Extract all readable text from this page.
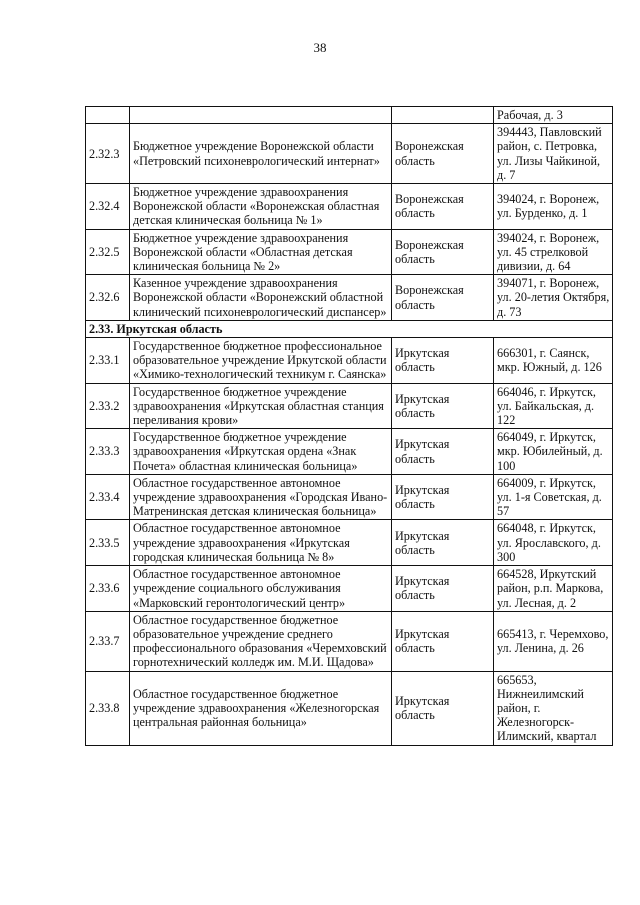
38
			Рабочая, д. 3
2.32.3	Бюджетное учреждение Воронежской области «Петровский психоневрологический интернат»	Воронежская область	394443, Павловский район, с. Петровка, ул. Лизы Чайкиной, д. 7
2.32.4	Бюджетное учреждение здравоохранения Воронежской области «Воронежская областная детская клиническая больница № 1»	Воронежская область	394024, г. Воронеж, ул. Бурденко, д. 1
2.32.5	Бюджетное учреждение здравоохранения Воронежской области «Областная детская клиническая больница № 2»	Воронежская область	394024, г. Воронеж, ул. 45 стрелковой дивизии, д. 64
2.32.6	Казенное учреждение здравоохранения Воронежской области «Воронежский областной клинический психоневрологический диспансер»	Воронежская область	394071, г. Воронеж, ул. 20-летия Октября, д. 73
2.33. Иркутская область			
2.33.1	Государственное бюджетное профессиональное образовательное учреждение Иркутской области «Химико-технологический техникум г. Саянска»	Иркутская область	666301, г. Саянск, мкр. Южный, д. 126
2.33.2	Государственное бюджетное учреждение здравоохранения «Иркутская областная станция переливания крови»	Иркутская область	664046, г. Иркутск, ул. Байкальская, д. 122
2.33.3	Государственное бюджетное учреждение здравоохранения «Иркутская ордена «Знак Почета» областная клиническая больница»	Иркутская область	664049, г. Иркутск, мкр. Юбилейный, д. 100
2.33.4	Областное государственное автономное учреждение здравоохранения «Городская Ивано-Матренинская детская клиническая больница»	Иркутская область	664009, г. Иркутск, ул. 1-я Советская, д. 57
2.33.5	Областное государственное автономное учреждение здравоохранения «Иркутская городская клиническая больница № 8»	Иркутская область	664048, г. Иркутск, ул. Ярославского, д. 300
2.33.6	Областное государственное автономное учреждение социального обслуживания «Марковский геронтологический центр»	Иркутская область	664528, Иркутский район, р.п. Маркова, ул. Лесная, д. 2
2.33.7	Областное государственное бюджетное образовательное учреждение среднего профессионального образования «Черемховский горнотехнический колледж им. М.И. Щадова»	Иркутская область	665413, г. Черемхово, ул. Ленина, д. 26
2.33.8	Областное государственное бюджетное учреждение здравоохранения «Железногорская центральная районная больница»	Иркутская область	665653, Нижнеилимский район, г. Железногорск-Илимский, квартал
